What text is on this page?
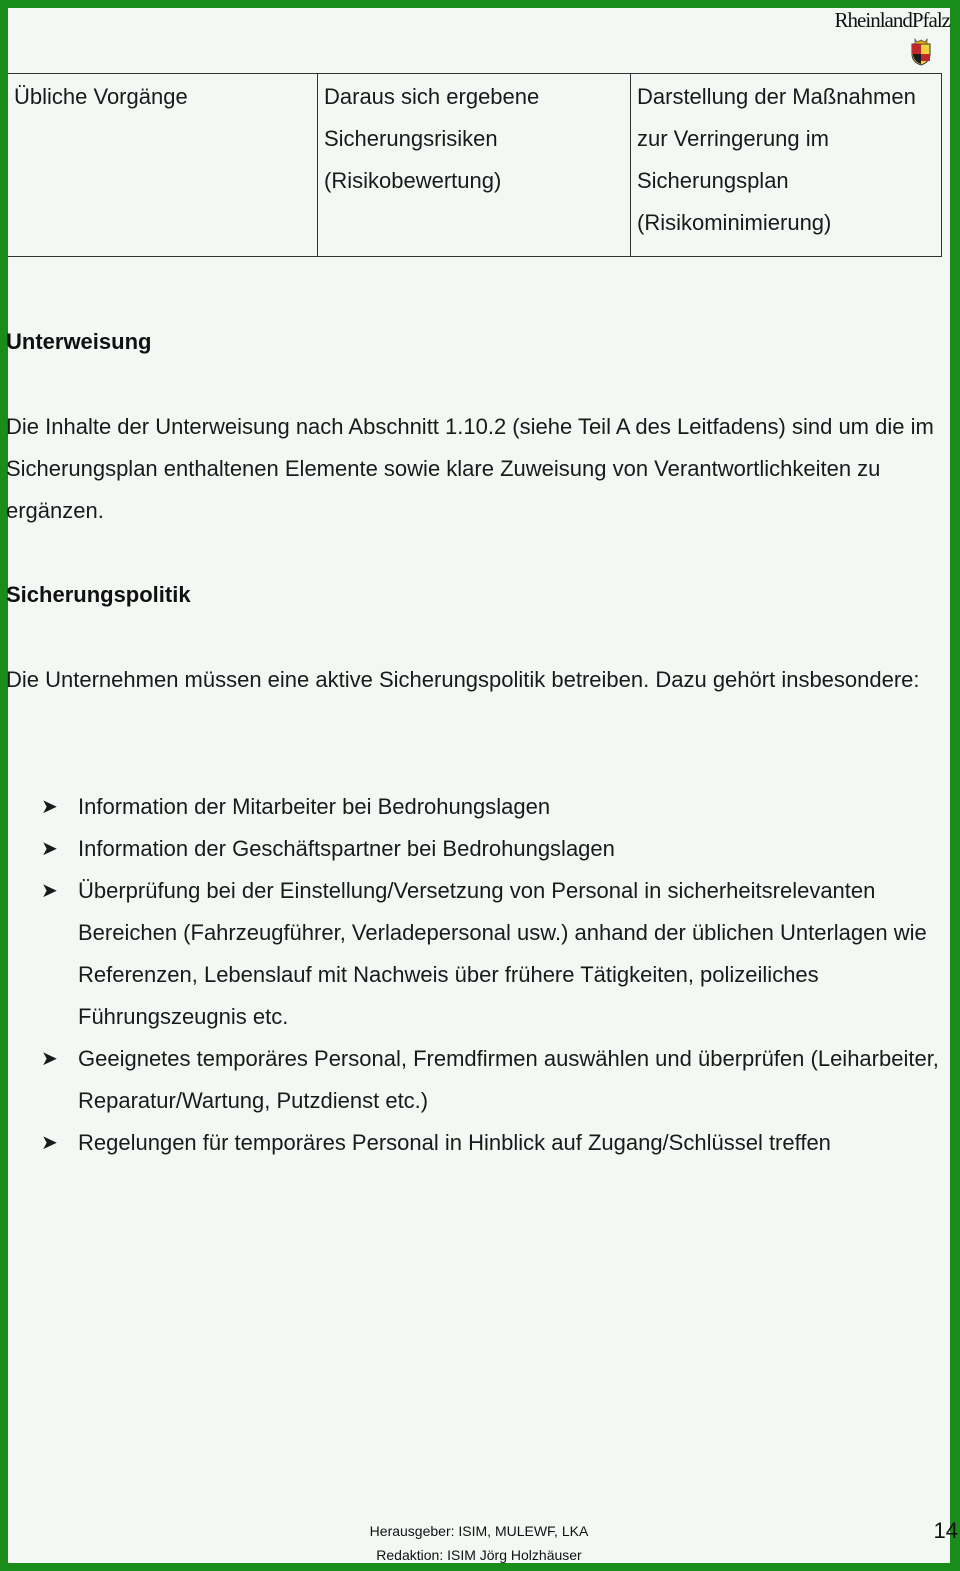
RheinlandPfalz
Übliche Vorgänge	Daraus sich ergebene Sicherungsrisiken (Risikobewertung)	Darstellung der Maßnahmen zur Verringerung im Sicherungsplan (Risikominimierung)
Unterweisung

Die Inhalte der Unterweisung nach Abschnitt 1.10.2 (siehe Teil A des Leitfadens) sind um die im Sicherungsplan enthaltenen Elemente sowie klare Zuweisung von Verantwortlichkeiten zu ergänzen.

Sicherungspolitik

Die Unternehmen müssen eine aktive Sicherungspolitik betreiben. Dazu gehört insbesondere:

➤ Information der Mitarbeiter bei Bedrohungslagen
➤ Information der Geschäftspartner bei Bedrohungslagen
➤ Überprüfung bei der Einstellung/Versetzung von Personal in sicherheitsrelevanten Bereichen (Fahrzeugführer, Verladepersonal usw.) anhand der üblichen Unterlagen wie Referenzen, Lebenslauf mit Nachweis über frühere Tätigkeiten, polizeiliches Führungszeugnis etc.
➤ Geeignetes temporäres Personal, Fremdfirmen auswählen und überprüfen (Leiharbeiter, Reparatur/Wartung, Putzdienst etc.)
➤ Regelungen für temporäres Personal in Hinblick auf Zugang/Schlüssel treffen
Herausgeber: ISIM, MULEWF, LKA
Redaktion: ISIM Jörg Holzhäuser
14
